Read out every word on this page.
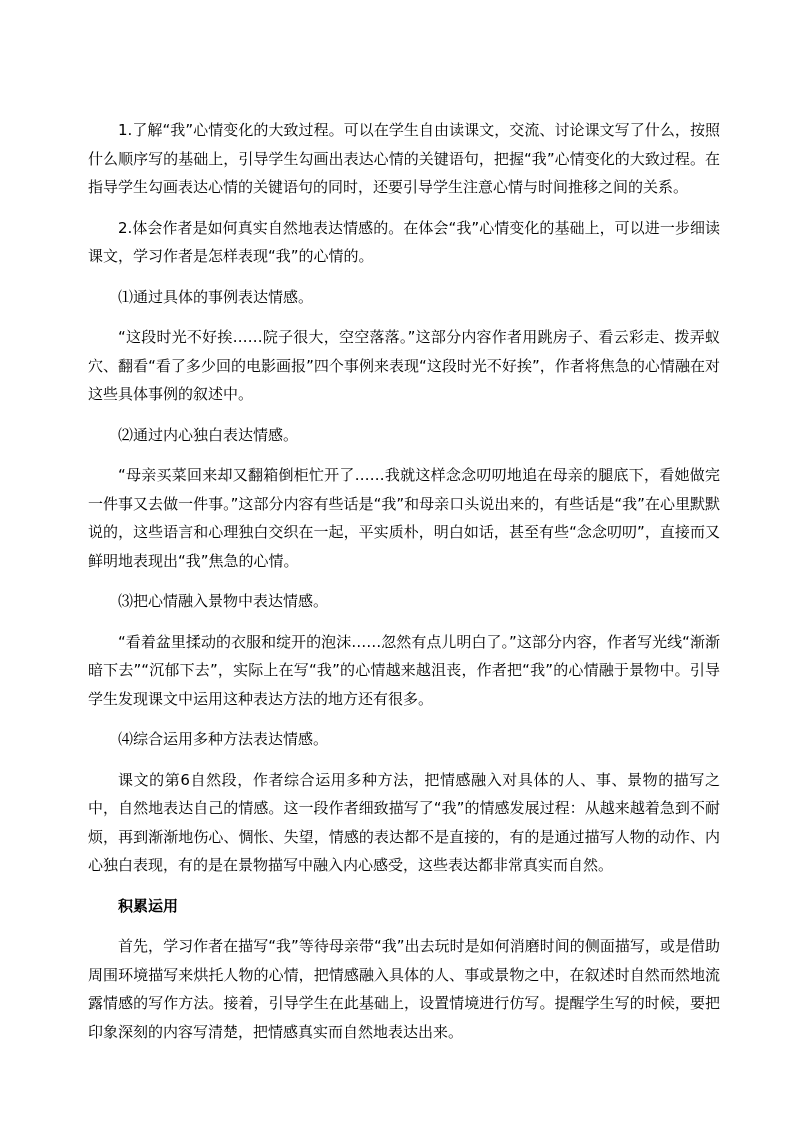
1.了解“我”心情变化的大致过程。可以在学生自由读课文，交流、讨论课文写了什么，按照什么顺序写的基础上，引导学生勾画出表达心情的关键语句，把握“我”心情变化的大致过程。在指导学生勾画表达心情的关键语句的同时，还要引导学生注意心情与时间推移之间的关系。

2.体会作者是如何真实自然地表达情感的。在体会“我”心情变化的基础上，可以进一步细读课文，学习作者是怎样表现“我”的心情的。

⑴通过具体的事例表达情感。

“这段时光不好挨……院子很大，空空落落。”这部分内容作者用跳房子、看云彩走、拨弄蚁穴、翻看“看了多少回的电影画报”四个事例来表现“这段时光不好挨”，作者将焦急的心情融在对这些具体事例的叙述中。

⑵通过内心独白表达情感。

“母亲买菜回来却又翻箱倒柜忙开了……我就这样念念叨叨地追在母亲的腿底下，看她做完一件事又去做一件事。”这部分内容有些话是“我”和母亲口头说出来的，有些话是“我”在心里默默说的，这些语言和心理独白交织在一起，平实质朴，明白如话，甚至有些“念念叨叨”，直接而又鲜明地表现出“我”焦急的心情。

⑶把心情融入景物中表达情感。

“看着盆里揉动的衣服和绽开的泡沫……忽然有点儿明白了。”这部分内容，作者写光线“渐渐暗下去”“沉郁下去”，实际上在写“我”的心情越来越沮丧，作者把“我”的心情融于景物中。引导学生发现课文中运用这种表达方法的地方还有很多。

⑷综合运用多种方法表达情感。

课文的第6自然段，作者综合运用多种方法，把情感融入对具体的人、事、景物的描写之中，自然地表达自己的情感。这一段作者细致描写了“我”的情感发展过程：从越来越着急到不耐烦，再到渐渐地伤心、惆怅、失望，情感的表达都不是直接的，有的是通过描写人物的动作、内心独白表现，有的是在景物描写中融入内心感受，这些表达都非常真实而自然。

积累运用

首先，学习作者在描写“我”等待母亲带“我”出去玩时是如何消磨时间的侧面描写，或是借助周围环境描写来烘托人物的心情，把情感融入具体的人、事或景物之中，在叙述时自然而然地流露情感的写作方法。接着，引导学生在此基础上，设置情境进行仿写。提醒学生写的时候，要把印象深刻的内容写清楚，把情感真实而自然地表达出来。
